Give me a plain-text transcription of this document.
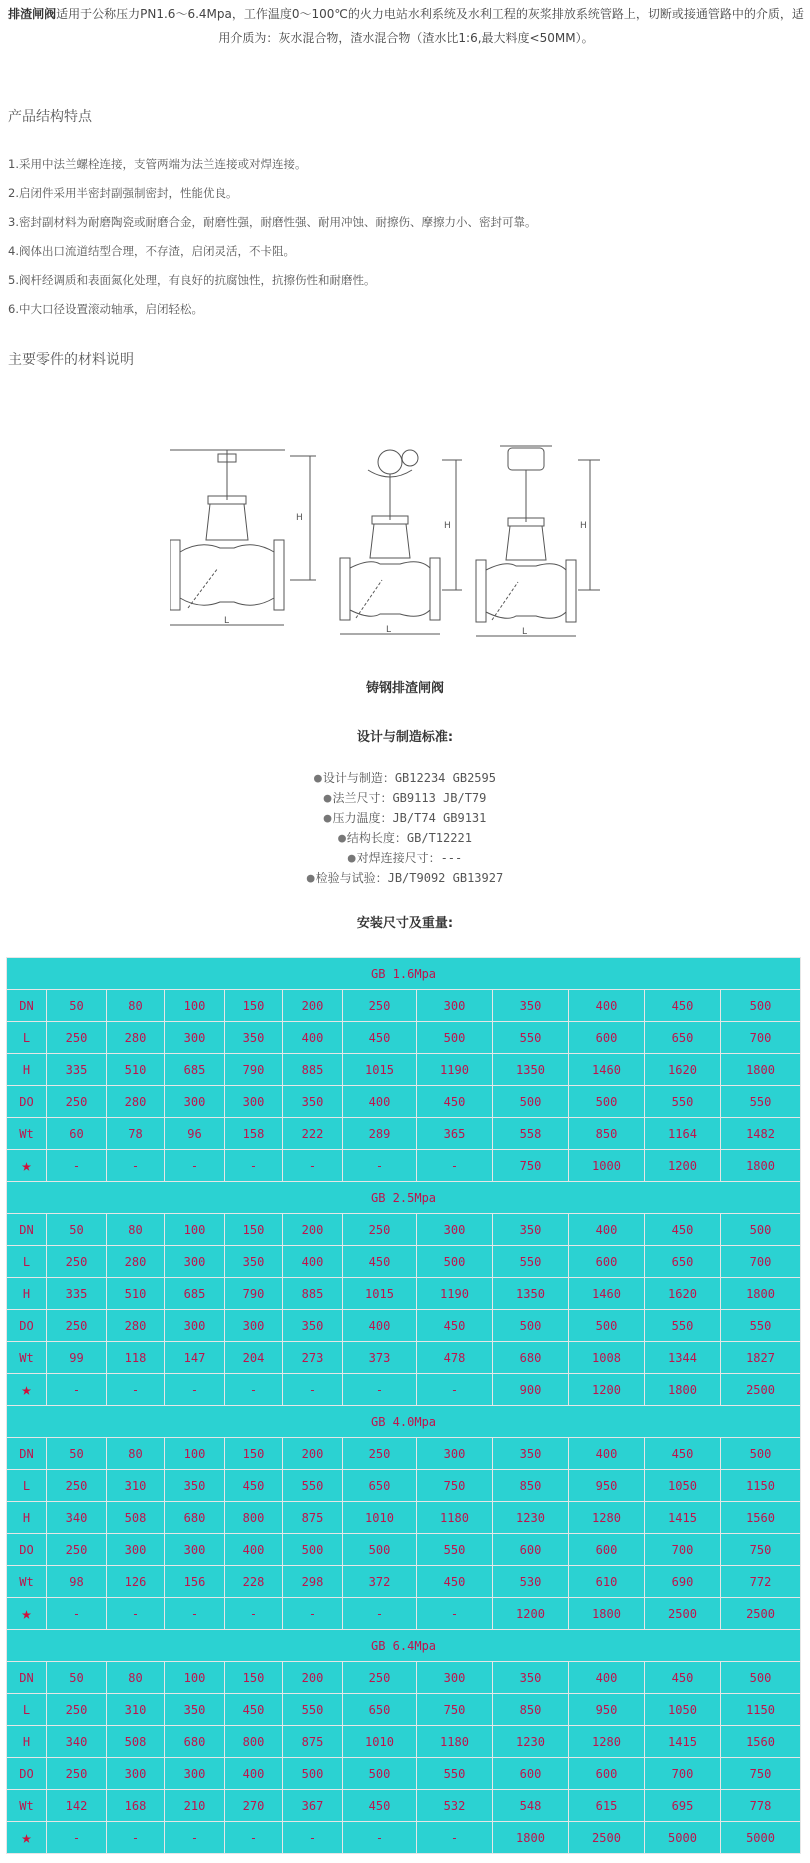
排渣闸阀适用于公称压力PN1.6～6.4Mpa，工作温度0～100℃的火力电站水利系统及水利工程的灰浆排放系统管路上，切断或接通管路中的介质，适用介质为：灰水混合物，渣水混合物（渣水比1:6,最大料度<50MM）。
产品结构特点
1.采用中法兰螺栓连接，支管两端为法兰连接或对焊连接。
2.启闭件采用半密封副强制密封，性能优良。
3.密封副材料为耐磨陶瓷或耐磨合金，耐磨性强，耐磨性强、耐用冲蚀、耐擦伤、摩擦力小、密封可靠。
4.阀体出口流道结型合理，不存渣，启闭灵活，不卡阻。
5.阀杆经调质和表面氮化处理，有良好的抗腐蚀性，抗擦伤性和耐磨性。
6.中大口径设置滚动轴承，启闭轻松。
主要零件的材料说明
H
L
H
L
H
L
铸钢排渣闸阀
设计与制造标准:
●设计与制造：GB12234 GB2595
●法兰尺寸：GB9113 JB/T79
●压力温度：JB/T74 GB9131
●结构长度：GB/T12221
●对焊连接尺寸：---
●检验与试验：JB/T9092 GB13927
安装尺寸及重量:
GB 1.6Mpa											
DN	50	80	100	150	200	250	300	350	400	450	500
L	250	280	300	350	400	450	500	550	600	650	700
H	335	510	685	790	885	1015	1190	1350	1460	1620	1800
DO	250	280	300	300	350	400	450	500	500	550	550
Wt	60	78	96	158	222	289	365	558	850	1164	1482
★	-	-	-	-	-	-	-	750	1000	1200	1800
GB 2.5Mpa											
DN	50	80	100	150	200	250	300	350	400	450	500
L	250	280	300	350	400	450	500	550	600	650	700
H	335	510	685	790	885	1015	1190	1350	1460	1620	1800
DO	250	280	300	300	350	400	450	500	500	550	550
Wt	99	118	147	204	273	373	478	680	1008	1344	1827
★	-	-	-	-	-	-	-	900	1200	1800	2500
GB 4.0Mpa											
DN	50	80	100	150	200	250	300	350	400	450	500
L	250	310	350	450	550	650	750	850	950	1050	1150
H	340	508	680	800	875	1010	1180	1230	1280	1415	1560
DO	250	300	300	400	500	500	550	600	600	700	750
Wt	98	126	156	228	298	372	450	530	610	690	772
★	-	-	-	-	-	-	-	1200	1800	2500	2500
GB 6.4Mpa											
DN	50	80	100	150	200	250	300	350	400	450	500
L	250	310	350	450	550	650	750	850	950	1050	1150
H	340	508	680	800	875	1010	1180	1230	1280	1415	1560
DO	250	300	300	400	500	500	550	600	600	700	750
Wt	142	168	210	270	367	450	532	548	615	695	778
★	-	-	-	-	-	-	-	1800	2500	5000	5000
